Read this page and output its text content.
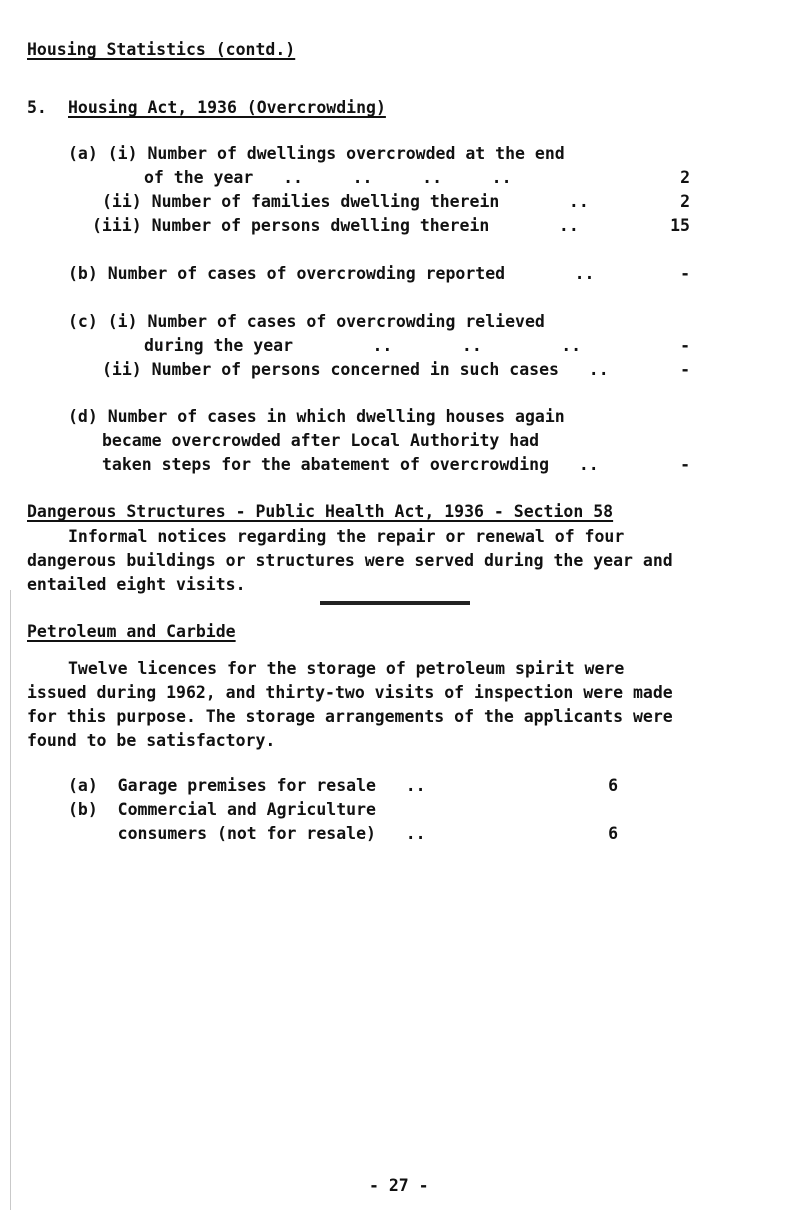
Housing Statistics (contd.)
5. Housing Act, 1936 (Overcrowding)
(a) (i) Number of dwellings overcrowded at the end
of the year   ..     ..     ..     ..	2
(ii) Number of families dwelling therein       ..	2
(iii) Number of persons dwelling therein       ..	15
(b) Number of cases of overcrowding reported       ..	-
(c) (i) Number of cases of overcrowding relieved
during the year        ..       ..        ..	-
(ii) Number of persons concerned in such cases   ..	-
(d) Number of cases in which dwelling houses again
became overcrowded after Local Authority had
taken steps for the abatement of overcrowding   ..	-
Dangerous Structures - Public Health Act, 1936 - Section 58
Informal notices regarding the repair or renewal of four
dangerous buildings or structures were served during the year and
entailed eight visits.
Petroleum and Carbide
Twelve licences for the storage of petroleum spirit were
issued during 1962, and thirty-two visits of inspection were made
for this purpose. The storage arrangements of the applicants were
found to be satisfactory.
(a)  Garage premises for resale   ..	6
(b)  Commercial and Agriculture
consumers (not for resale)   ..	6
- 27 -
